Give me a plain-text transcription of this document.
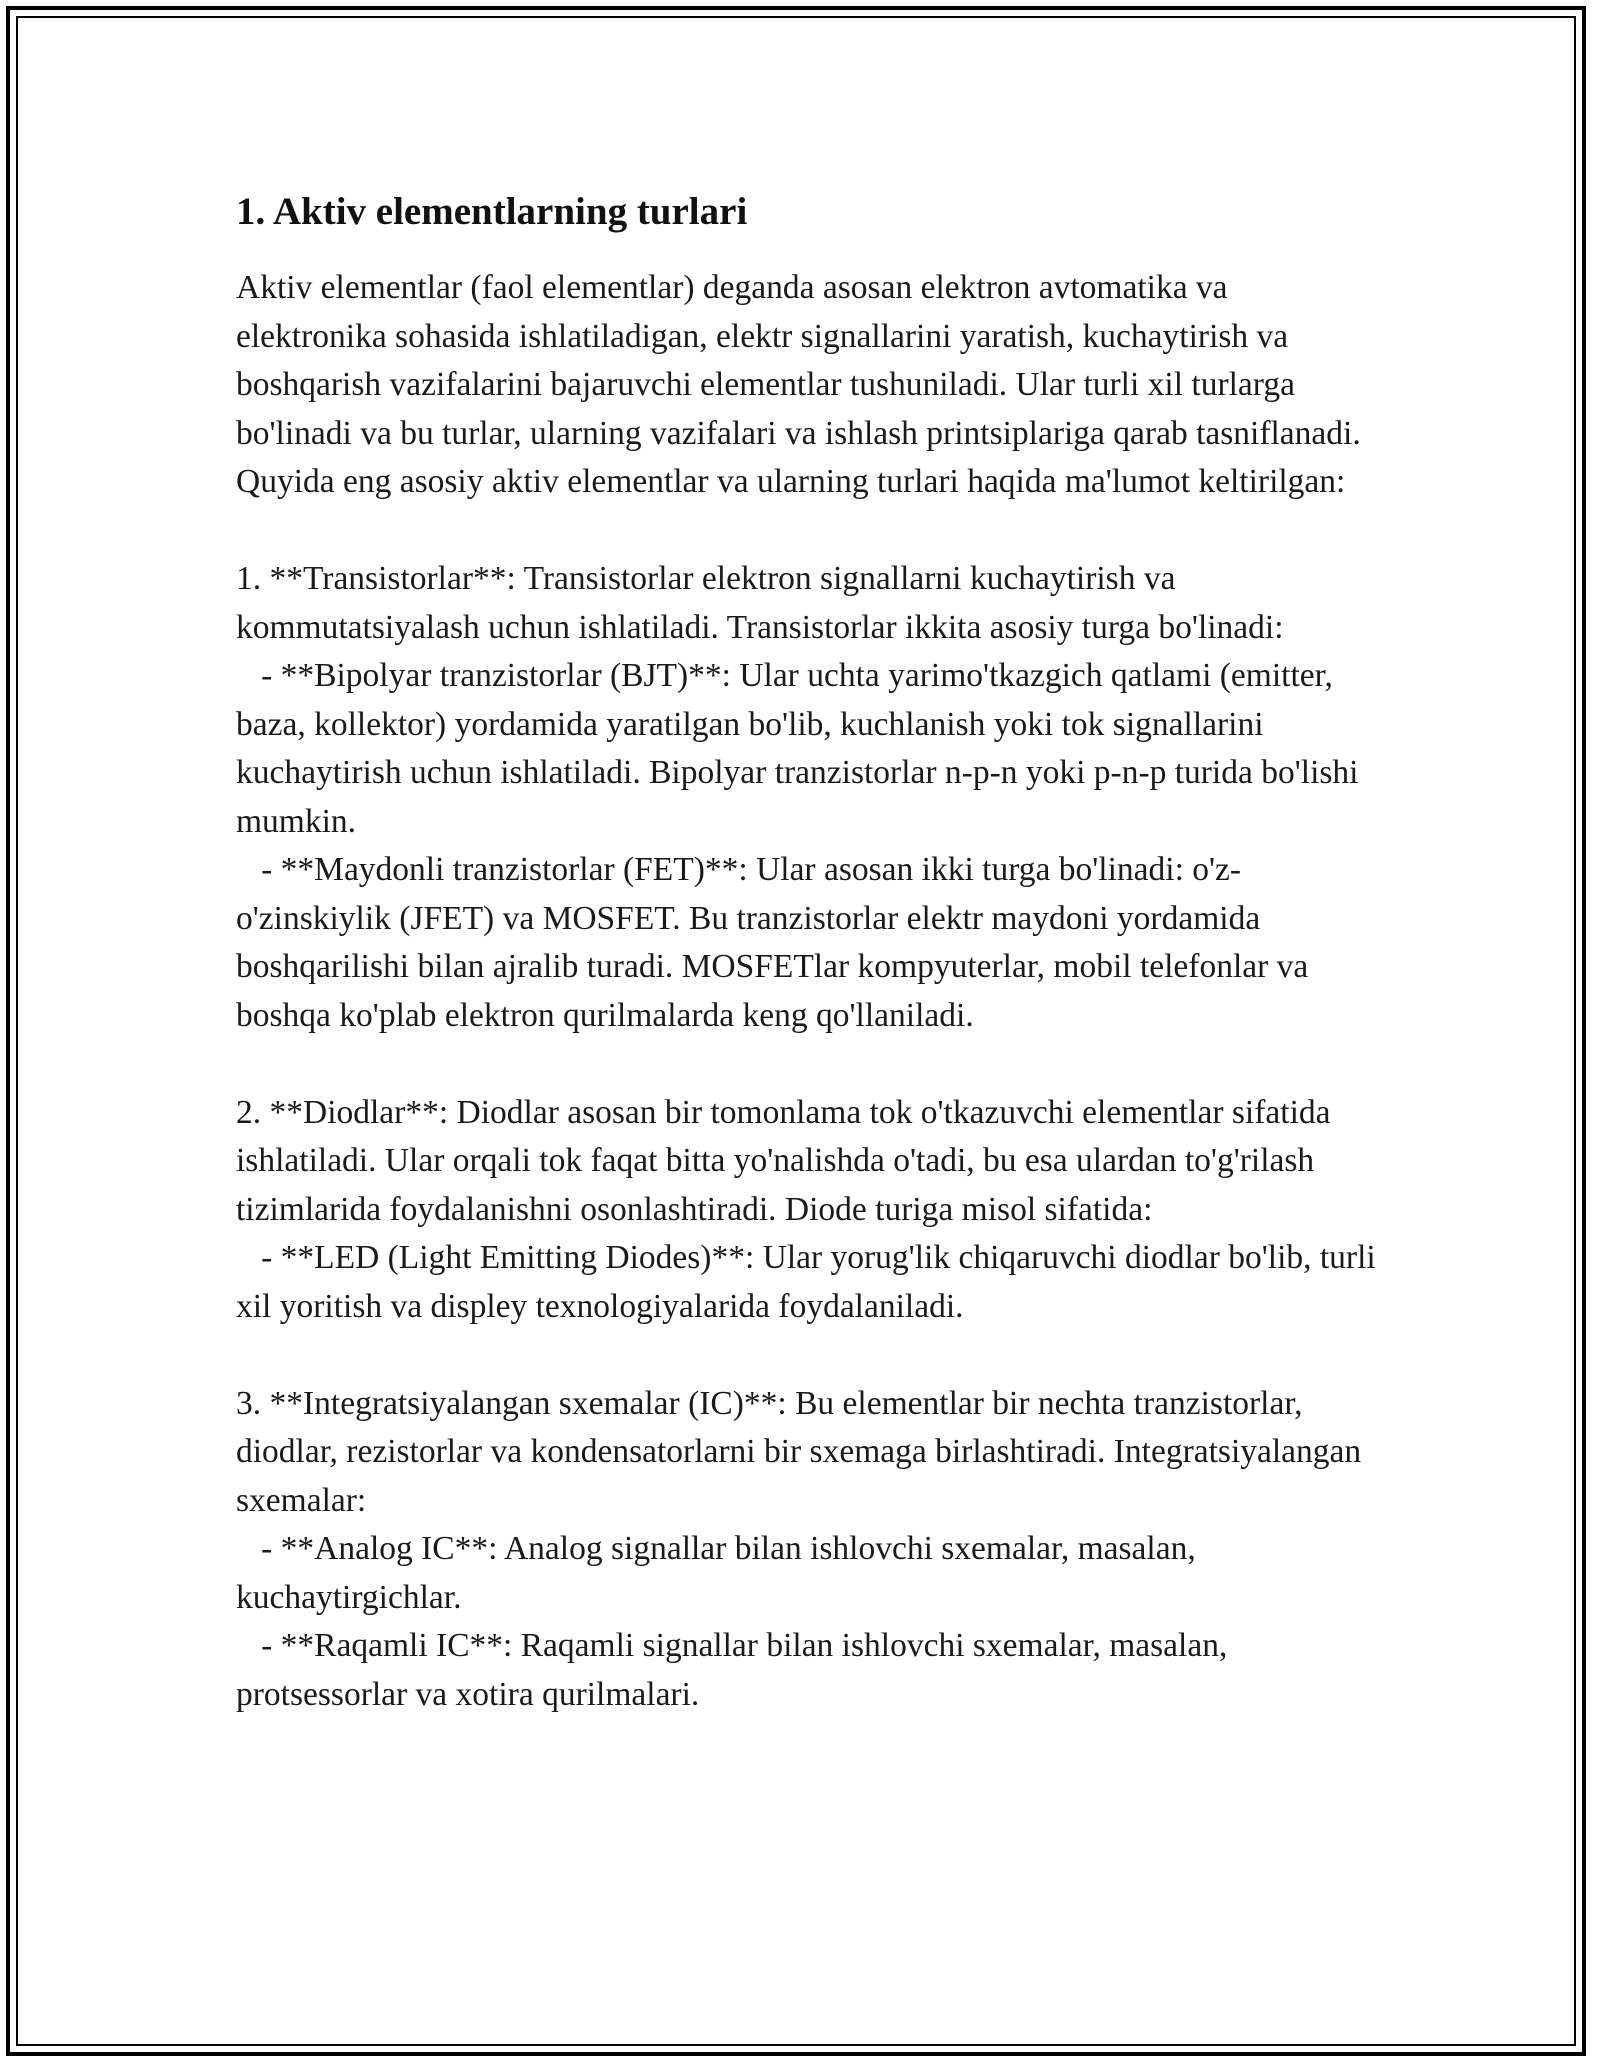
1. Aktiv elementlarning turlari

Aktiv elementlar (faol elementlar) deganda asosan elektron avtomatika va elektronika sohasida ishlatiladigan, elektr signallarini yaratish, kuchaytirish va boshqarish vazifalarini bajaruvchi elementlar tushuniladi. Ular turli xil turlarga bo'linadi va bu turlar, ularning vazifalari va ishlash printsiplariga qarab tasniflanadi. Quyida eng asosiy aktiv elementlar va ularning turlari haqida ma'lumot keltirilgan:

1. **Transistorlar**: Transistorlar elektron signallarni kuchaytirish va kommutatsiyalash uchun ishlatiladi. Transistorlar ikkita asosiy turga bo'linadi:

- **Bipolyar tranzistorlar (BJT)**: Ular uchta yarimo'tkazgich qatlami (emitter, baza, kollektor) yordamida yaratilgan bo'lib, kuchlanish yoki tok signallarini kuchaytirish uchun ishlatiladi. Bipolyar tranzistorlar n-p-n yoki p-n-p turida bo'lishi mumkin.

- **Maydonli tranzistorlar (FET)**: Ular asosan ikki turga bo'linadi: o'z-o'zinskiylik (JFET) va MOSFET. Bu tranzistorlar elektr maydoni yordamida boshqarilishi bilan ajralib turadi. MOSFETlar kompyuterlar, mobil telefonlar va boshqa ko'plab elektron qurilmalarda keng qo'llaniladi.

2. **Diodlar**: Diodlar asosan bir tomonlama tok o'tkazuvchi elementlar sifatida ishlatiladi. Ular orqali tok faqat bitta yo'nalishda o'tadi, bu esa ulardan to'g'rilash tizimlarida foydalanishni osonlashtiradi. Diode turiga misol sifatida:

- **LED (Light Emitting Diodes)**: Ular yorug'lik chiqaruvchi diodlar bo'lib, turli xil yoritish va displey texnologiyalarida foydalaniladi.

3. **Integratsiyalangan sxemalar (IC)**: Bu elementlar bir nechta tranzistorlar, diodlar, rezistorlar va kondensatorlarni bir sxemaga birlashtiradi. Integratsiyalangan sxemalar:

- **Analog IC**: Analog signallar bilan ishlovchi sxemalar, masalan, kuchaytirgichlar.

- **Raqamli IC**: Raqamli signallar bilan ishlovchi sxemalar, masalan, protsessorlar va xotira qurilmalari.
